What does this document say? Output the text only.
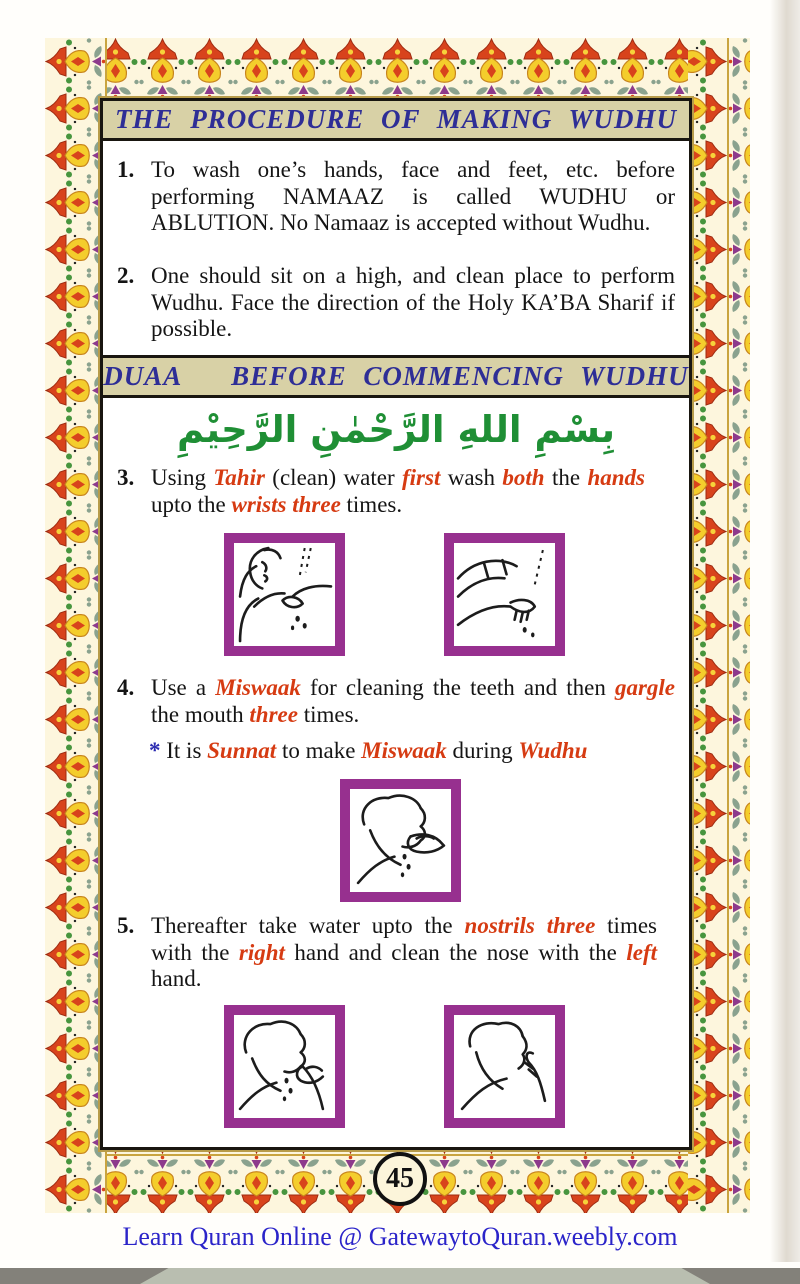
THE PROCEDURE OF MAKING WUDHU
1. To wash one’s hands, face and feet, etc. before performing NAMAAZ is called WUDHU or ABLUTION. No Namaaz is accepted without Wudhu.
2. One should sit on a high, and clean place to perform Wudhu. Face the direction of the Holy KA’BA Sharif if possible.
DUAA   BEFORE COMMENCING WUDHU
بِسْمِ اللهِ الرَّحْمٰنِ الرَّحِيْمِ
3. Using Tahir (clean) water first wash both the hands upto the wrists three times.
4. Use a Miswaak for cleaning the teeth and then gargle the mouth three times.
* It is Sunnat to make Miswaak during Wudhu
5. Thereafter take water upto the nostrils three times with the right hand and clean the nose with the left hand.
45
Learn Quran Online @ GatewaytoQuran.weebly.com
